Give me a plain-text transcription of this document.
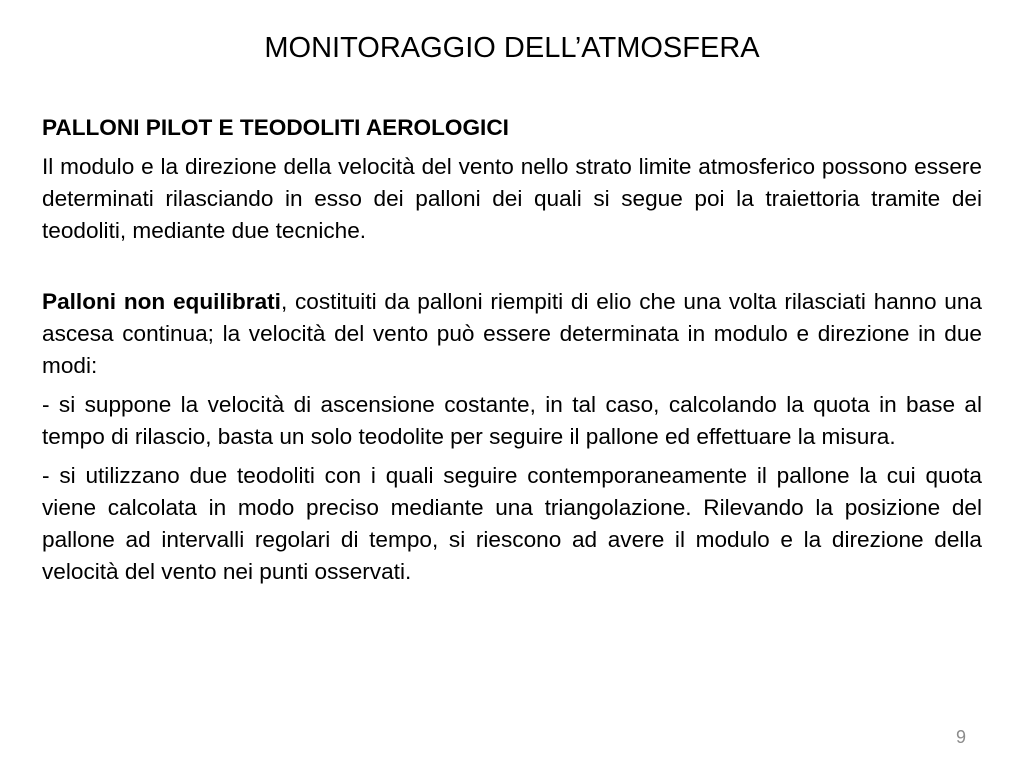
MONITORAGGIO DELL’ATMOSFERA

PALLONI PILOT E TEODOLITI AEROLOGICI

Il modulo e la direzione della velocità del vento nello strato limite atmosferico possono essere determinati rilasciando in esso dei palloni dei quali si segue poi la traiettoria tramite dei teodoliti, mediante due tecniche.

Palloni non equilibrati, costituiti da palloni riempiti di elio che una volta rilasciati hanno una ascesa continua; la velocità del vento può essere determinata in modulo e direzione in due modi:

- si suppone la velocità di ascensione costante, in tal caso, calcolando la quota in base al tempo di rilascio, basta un solo teodolite per seguire il pallone ed effettuare la misura.

- si utilizzano due teodoliti con i quali seguire contemporaneamente il pallone la cui quota viene calcolata in modo preciso mediante una triangolazione. Rilevando la posizione del pallone ad intervalli regolari di tempo, si riescono ad avere il modulo e la direzione della velocità del vento nei punti osservati.

9
